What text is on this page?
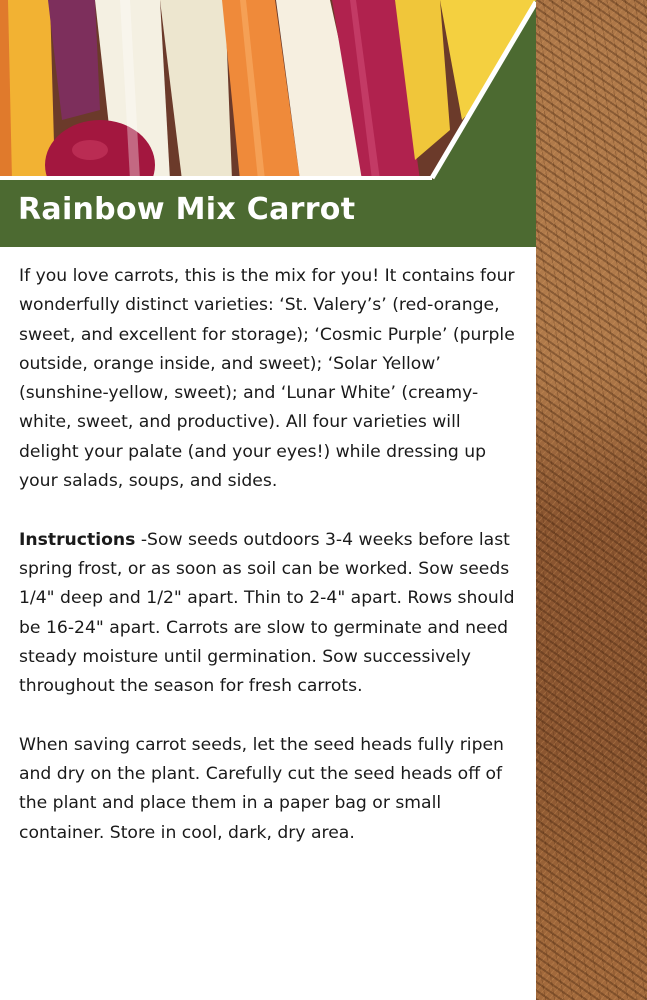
Rainbow Mix Carrot

If you love carrots, this is the mix for you! It contains four wonderfully distinct varieties: ‘St. Valery’s’ (red-orange, sweet, and excellent for storage); ‘Cosmic Purple’ (purple outside, orange inside, and sweet); ‘Solar Yellow’ (sunshine-yellow, sweet); and ‘Lunar White’ (creamy-white, sweet, and productive). All four varieties will delight your palate (and your eyes!) while dressing up your salads, soups, and sides.

Instructions -Sow seeds outdoors 3-4 weeks before last spring frost, or as soon as soil can be worked. Sow seeds 1/4" deep and 1/2" apart. Thin to 2-4" apart. Rows should be 16-24" apart. Carrots are slow to germinate and need steady moisture until germination. Sow successively throughout the season for fresh carrots.

When saving carrot seeds, let the seed heads fully ripen and dry on the plant. Carefully cut the seed heads off of the plant and place them in a paper bag or small container. Store in cool, dark, dry area.
